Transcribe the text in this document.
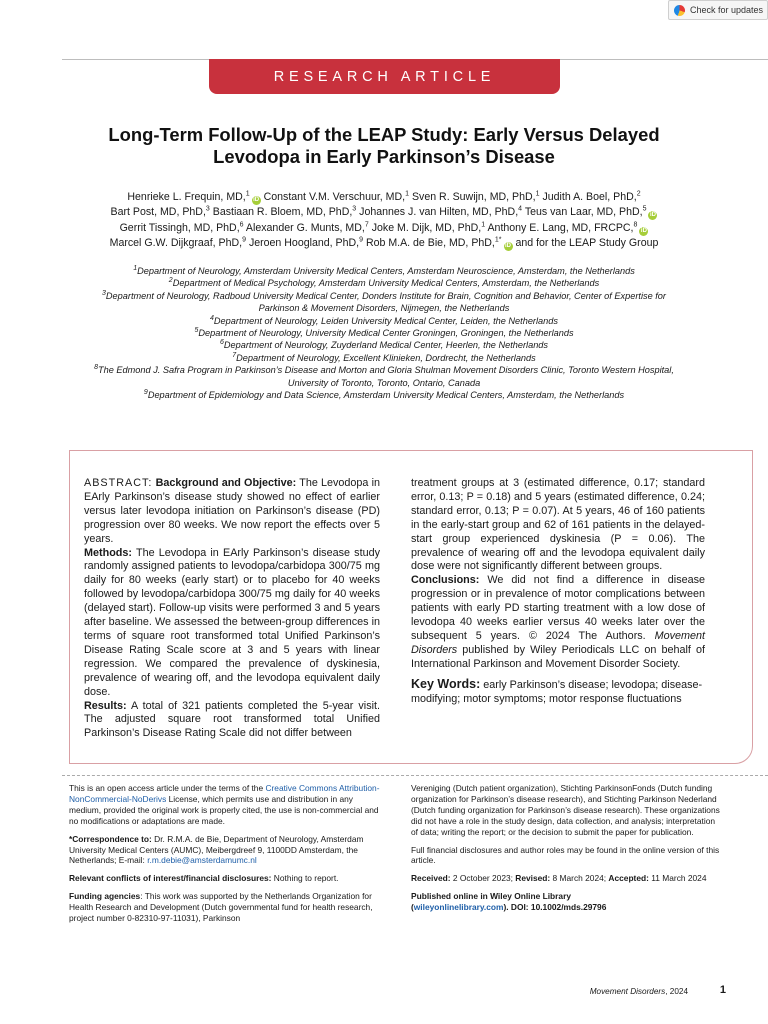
Check for updates
RESEARCH ARTICLE
Long-Term Follow-Up of the LEAP Study: Early Versus Delayed
Levodopa in Early Parkinson’s Disease
Henrieke L. Frequin, MD,$^1$iD Constant V.M. Verschuur, MD,$^1$ Sven R. Suwijn, MD, PhD,$^1$ Judith A. Boel, PhD,$^2$
Bart Post, MD, PhD,$^3$ Bastiaan R. Bloem, MD, PhD,$^3$ Johannes J. van Hilten, MD, PhD,$^4$ Teus van Laar, MD, PhD,$^5$iD
Gerrit Tissingh, MD, PhD,$^6$ Alexander G. Munts, MD,$^7$ Joke M. Dijk, MD, PhD,$^1$ Anthony E. Lang, MD, FRCPC,$^8$iD
Marcel G.W. Dijkgraaf, PhD,$^9$ Jeroen Hoogland, PhD,$^9$ Rob M.A. de Bie, MD, PhD,$^{1*}$iD and for the LEAP Study Group
$^1$Department of Neurology, Amsterdam University Medical Centers, Amsterdam Neuroscience, Amsterdam, the Netherlands
$^2$Department of Medical Psychology, Amsterdam University Medical Centers, Amsterdam, the Netherlands
$^3$Department of Neurology, Radboud University Medical Center, Donders Institute for Brain, Cognition and Behavior, Center of Expertise for
Parkinson & Movement Disorders, Nijmegen, the Netherlands
$^4$Department of Neurology, Leiden University Medical Center, Leiden, the Netherlands
$^5$Department of Neurology, University Medical Center Groningen, Groningen, the Netherlands
$^6$Department of Neurology, Zuyderland Medical Center, Heerlen, the Netherlands
$^7$Department of Neurology, Excellent Klinieken, Dordrecht, the Netherlands
$^8$The Edmond J. Safra Program in Parkinson’s Disease and Morton and Gloria Shulman Movement Disorders Clinic, Toronto Western Hospital,
University of Toronto, Toronto, Ontario, Canada
$^9$Department of Epidemiology and Data Science, Amsterdam University Medical Centers, Amsterdam, the Netherlands

ABSTRACT: Background and Objective: The Levodopa in EArly Parkinson’s disease study showed no effect of earlier versus later levodopa initiation on Parkinson’s disease (PD) progression over 80 weeks. We now report the effects over 5 years.

Methods: The Levodopa in EArly Parkinson’s disease study randomly assigned patients to levodopa/carbidopa 300/75 mg daily for 80 weeks (early start) or to placebo for 40 weeks followed by levodopa/carbidopa 300/75 mg daily for 40 weeks (delayed start). Follow-up visits were performed 3 and 5 years after baseline. We assessed the between-group differences in terms of square root transformed total Unified Parkinson’s Disease Rating Scale score at 3 and 5 years with linear regression. We compared the prevalence of dyskinesia, prevalence of wearing off, and the levodopa equivalent daily dose.

Results: A total of 321 patients completed the 5-year visit. The adjusted square root transformed total Unified Parkinson’s Disease Rating Scale did not differ between

treatment groups at 3 (estimated difference, 0.17; standard error, 0.13; P = 0.18) and 5 years (estimated difference, 0.24; standard error, 0.13; P = 0.07). At 5 years, 46 of 160 patients in the early-start group and 62 of 161 patients in the delayed-start group experienced dyskinesia (P = 0.06). The prevalence of wearing off and the levodopa equivalent daily dose were not significantly different between groups.

Conclusions: We did not find a difference in disease progression or in prevalence of motor complications between patients with early PD starting treatment with a low dose of levodopa 40 weeks earlier versus 40 weeks later over the subsequent 5 years. © 2024 The Authors. Movement Disorders published by Wiley Periodicals LLC on behalf of International Parkinson and Movement Disorder Society.

Key Words: early Parkinson’s disease; levodopa; disease-modifying; motor symptoms; motor response fluctuations

This is an open access article under the terms of the Creative Commons Attribution-NonCommercial-NoDerivs License, which permits use and distribution in any medium, provided the original work is properly cited, the use is non-commercial and no modifications or adaptations are made.

*Correspondence to: Dr. R.M.A. de Bie, Department of Neurology, Amsterdam University Medical Centers (AUMC), Meibergdreef 9, 1100DD Amsterdam, the Netherlands; E-mail: r.m.debie@amsterdamumc.nl

Relevant conflicts of interest/financial disclosures: Nothing to report.

Funding agencies: This work was supported by the Netherlands Organization for Health Research and Development (Dutch governmental fund for health research, project number 0-82310-97-11031), Parkinson

Vereniging (Dutch patient organization), Stichting ParkinsonFonds (Dutch funding organization for Parkinson’s disease research), and Stichting Parkinson Nederland (Dutch funding organization for Parkinson’s disease research). These organizations did not have a role in the study design, data collection, and analysis; interpretation of data; writing the report; or the decision to submit the paper for publication.

Full financial disclosures and author roles may be found in the online version of this article.

Received: 2 October 2023; Revised: 8 March 2024; Accepted: 11 March 2024

Published online in Wiley Online Library
(wileyonlinelibrary.com). DOI: 10.1002/mds.29796

Movement Disorders, 2024	1
